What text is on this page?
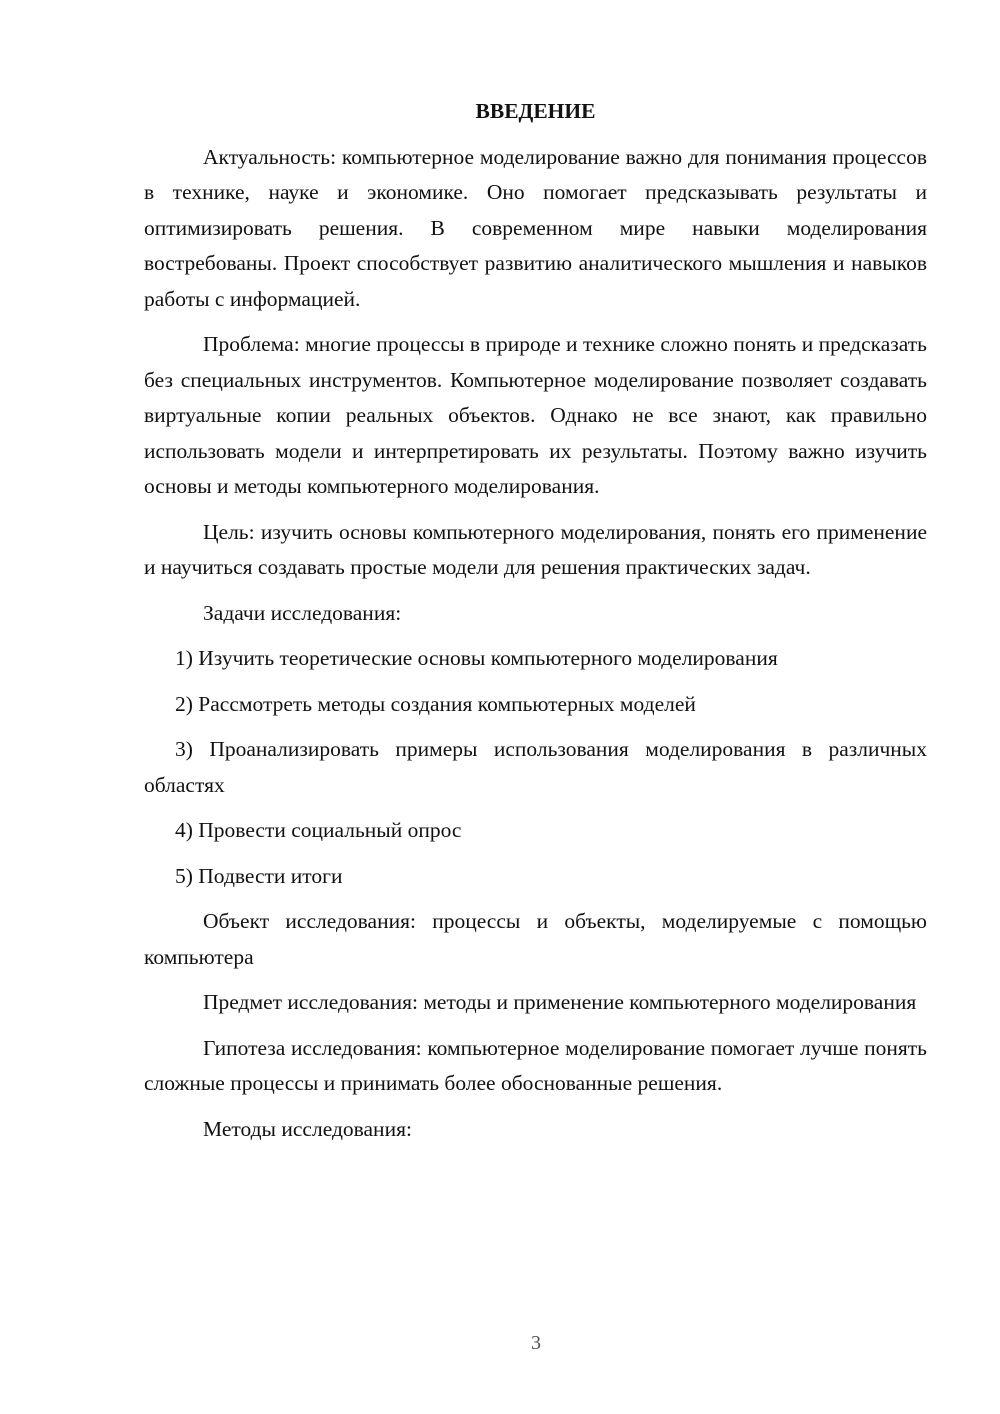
ВВЕДЕНИЕ

Актуальность: компьютерное моделирование важно для понимания процессов в технике, науке и экономике. Оно помогает предсказывать результаты и оптимизировать решения. В современном мире навыки моделирования востребованы. Проект способствует развитию аналитического мышления и навыков работы с информацией.

Проблема: многие процессы в природе и технике сложно понять и предсказать без специальных инструментов. Компьютерное моделирование позволяет создавать виртуальные копии реальных объектов. Однако не все знают, как правильно использовать модели и интерпретировать их результаты. Поэтому важно изучить основы и методы компьютерного моделирования.

Цель: изучить основы компьютерного моделирования, понять его применение и научиться создавать простые модели для решения практических задач.

Задачи исследования:

1) Изучить теоретические основы компьютерного моделирования

2) Рассмотреть методы создания компьютерных моделей

3) Проанализировать примеры использования моделирования в различных областях

4) Провести социальный опрос

5) Подвести итоги

Объект исследования: процессы и объекты, моделируемые с помощью компьютера

Предмет исследования: методы и применение компьютерного моделирования

Гипотеза исследования: компьютерное моделирование помогает лучше понять сложные процессы и принимать более обоснованные решения.

Методы исследования:

3
